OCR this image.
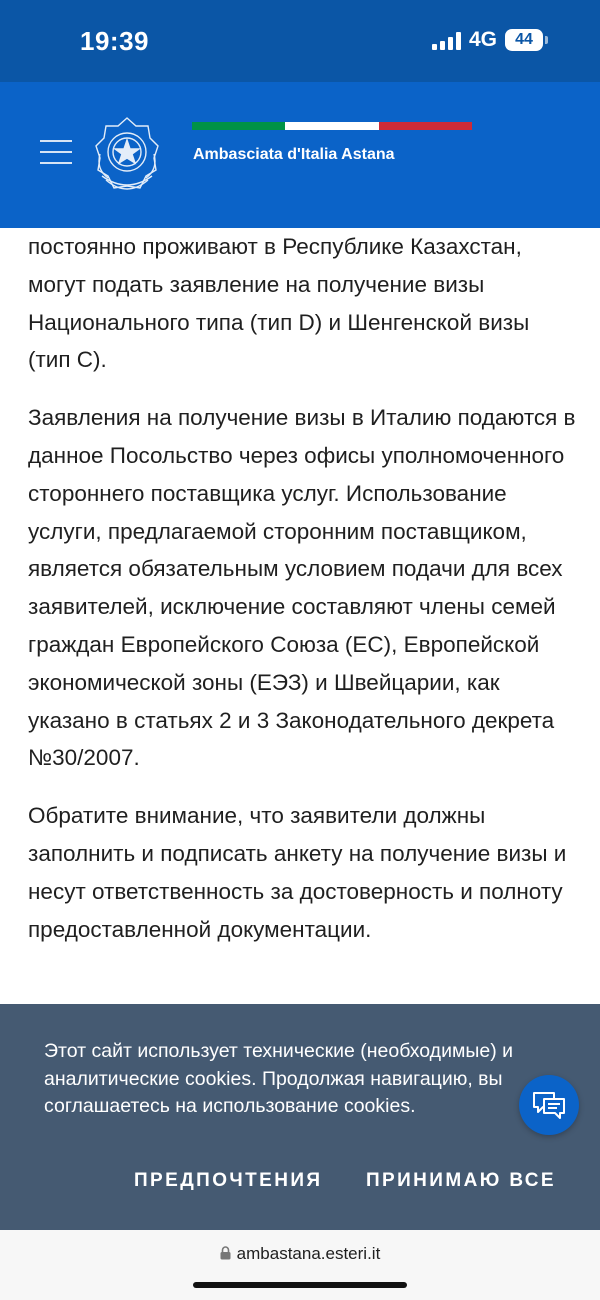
19:39	4G 44
Ambasciata d'Italia Astana

постоянно проживают в Республике Казахстан, могут подать заявление на получение визы Национального типа (тип D) и Шенгенской визы (тип С).

Заявления на получение визы в Италию подаются в данное Посольство через офисы уполномоченного стороннего поставщика услуг. Использование услуги, предлагаемой сторонним поставщиком, является обязательным условием подачи для всех заявителей, исключение составляют члены семей граждан Европейского Союза (ЕС), Европейской экономической зоны (ЕЭЗ) и Швейцарии, как указано в статьях 2 и 3 Законодательного декрета №30/2007.

Обратите внимание, что заявители должны заполнить и подписать анкету на получение визы и несут ответственность за достоверность и полноту предоставленной документации.

Этот сайт использует технические (необходимые) и аналитические cookies. Продолжая навигацию, вы соглашаетесь на использование cookies.
ПРЕДПОЧТЕНИЯ ПРИНИМАЮ ВСЕ
ambastana.esteri.it
